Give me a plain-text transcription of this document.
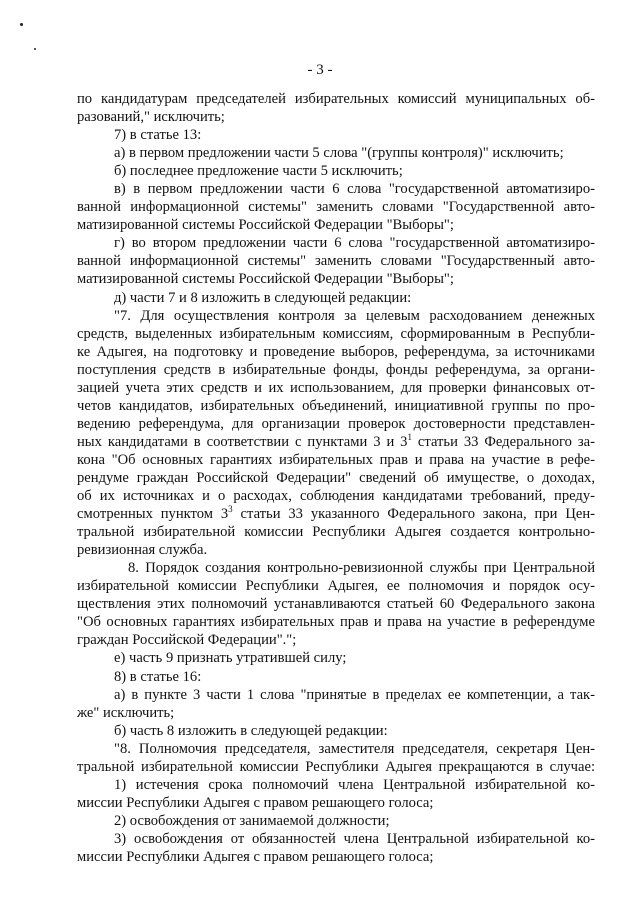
- 3 -
по кандидатурам председателей избирательных комиссий муниципальных об-
разований," исключить;
7) в статье 13:
а) в первом предложении части 5 слова "(группы контроля)" исключить;
б) последнее предложение части 5 исключить;
в) в первом предложении части 6 слова "государственной автоматизиро-
ванной информационной системы" заменить словами "Государственной авто-
матизированной системы Российской Федерации "Выборы";
г) во втором предложении части 6 слова "государственной автоматизиро-
ванной информационной системы" заменить словами "Государственный авто-
матизированной системы Российской Федерации "Выборы";
д) части 7 и 8 изложить в следующей редакции:
"7. Для осуществления контроля за целевым расходованием денежных
средств, выделенных избирательным комиссиям, сформированным в Республи-
ке Адыгея, на подготовку и проведение выборов, референдума, за источниками
поступления средств в избирательные фонды, фонды референдума, за органи-
зацией учета этих средств и их использованием, для проверки финансовых от-
четов кандидатов, избирательных объединений, инициативной группы по про-
ведению референдума, для организации проверок достоверности представлен-
ных кандидатами в соответствии с пунктами 3 и $3^1$ статьи 33 Федерального за-
кона "Об основных гарантиях избирательных прав и права на участие в рефе-
рендуме граждан Российской Федерации" сведений об имуществе, о доходах,
об их источниках и о расходах, соблюдения кандидатами требований, преду-
смотренных пунктом $3^3$ статьи 33 указанного Федерального закона, при Цен-
тральной избирательной комиссии Республики Адыгея создается контрольно-
ревизионная служба.
8. Порядок создания контрольно-ревизионной службы при Центральной
избирательной комиссии Республики Адыгея, ее полномочия и порядок осу-
ществления этих полномочий устанавливаются статьей 60 Федерального закона
"Об основных гарантиях избирательных прав и права на участие в референдуме
граждан Российской Федерации".";
е) часть 9 признать утратившей силу;
8) в статье 16:
а) в пункте 3 части 1 слова "принятые в пределах ее компетенции, а так-
же" исключить;
б) часть 8 изложить в следующей редакции:
"8. Полномочия председателя, заместителя председателя, секретаря Цен-
тральной избирательной комиссии Республики Адыгея прекращаются в случае:
1) истечения срока полномочий члена Центральной избирательной ко-
миссии Республики Адыгея с правом решающего голоса;
2) освобождения от занимаемой должности;
3) освобождения от обязанностей члена Центральной избирательной ко-
миссии Республики Адыгея с правом решающего голоса;
